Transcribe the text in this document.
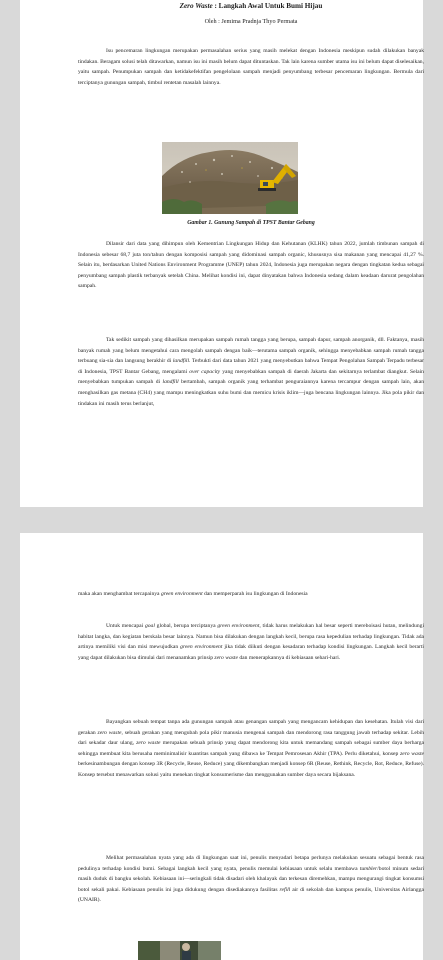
Zero Waste : Langkah Awal Untuk Bumi Hijau
Oleh : Jemima Pradnja Thyo Permata

Isu pencemaran lingkungan merupakan permasalahan serius yang masih melekat dengan Indonesia meskipun sudah dilakukan banyak tindakan. Beragam solusi telah ditawarkan, namun isu ini masih belum dapat dituntaskan. Tak lain karena sumber utama isu ini belum dapat diselesaikan, yaitu sampah. Penumpukan sampah dan ketidakefektifan pengelolaan sampah menjadi penyumbang terbesar pencemaran lingkungan. Bermula dari terciptanya gunungan sampah, timbul rentetan masalah lainnya.

Dilansir dari data yang dihimpun oleh Kementrian Lingkungan Hidup dan Kehutanan (KLHK) tahun 2022, jumlah timbunan sampah di Indonesia sebesar 68,7 juta ton/tahun dengan komposisi sampah yang didominasi sampah organic, khususnya sisa makanan yang mencapai 41,27 %. Selain itu, berdasarkan United Nations Environment Programme (UNEP) tahun 2024, Indonesia juga merupakan negara dengan tingkatan kedua sebagai penyumbang sampah plastik terbanyak setelah China. Melihat kondisi ini, dapat dinyatakan bahwa Indonesia sedang dalam keadaan darurat pengolahan sampah.

Tak sedikit sampah yang dihasilkan merupakan sampah rumah tangga yang berupa, sampah dapur, sampah anorganik, dll. Faktanya, masih banyak rumah yang belum mengetahui cara mengolah sampah dengan baik—terutama sampah organik, sehingga menyebabkan sampah rumah tangga terbuang sia-sia dan langsung berakhir di landfill. Terbukti dari data tahun 2021 yang menyebutkan bahwa Tempat Pengolahan Sampah Terpadu terbesar di Indonesia, TPST Bantar Gebang, mengalami over capacity yang menyebabkan sampah di daerah Jakarta dan sekitarnya terlambat diangkut. Selain menyebabkan tumpukan sampah di landfill bertambah, sampah organik yang terhambat penguraiannya karena tercampur dengan sampah lain, akan menghasilkan gas metana (CH4) yang mampu meningkatkan suhu bumi dan memicu krisis iklim—juga bencana lingkungan lainnya. Jika pola pikir dan tindakan ini masih terus berlanjut,

Gambar 1. Gunung Sampah di TPST Bantar Gebang

maka akan menghambat tercapainya green environment dan memperparah isu lingkungan di Indonesia

Untuk mencapai goal global, berupa terciptanya green environment, tidak harus melakukan hal besar seperti mereboisasi hutan, melindungi habitat langka, dan kegiatan berskala besar lainnya. Namun bisa dilakukan dengan langkah kecil, berupa rasa kepedulian terhadap lingkungan. Tidak ada artinya memiliki visi dan misi mewujudkan green environment jika tidak diikuti dengan kesadaran terhadap kondisi lingkungan. Langkah kecil berarti yang dapat dilakukan bisa dimulai dari menanamkan prinsip zero waste dan menerapkannya di kebiasaan sehari-hari.

Bayangkan sebuah tempat tanpa ada gunungan sampah atau genangan sampah yang mengancam kehidupan dan kesehatan. Itulah visi dari gerakan zero waste, sebuah gerakan yang mengubah pola pikir manusia mengenai sampah dan mendorong rasa tanggung jawab terhadap sekitar. Lebih dari sekadar daur ulang, zero waste merupakan sebuah prinsip yang dapat mendorong kita untuk memandang sampah sebagai sumber daya berharga sehingga membuat kita berusaha meminimalisir kuantitas sampah yang dibawa ke Tempat Pemrosesan Akhir (TPA). Perlu diketahui, konsep zero waste berkesinambungan dengan konsep 3R (Recycle, Reuse, Reduce) yang dikembangkan menjadi konsep 6R (Reuse, Rethink, Recycle, Rot, Reduce, Refuse). Konsep tersebut menawarkan solusi yaitu menekan tingkat konsumerisme dan menggunakan sumber daya secara bijaksana.

Melihat permasalahan nyata yang ada di lingkungan saat ini, penulis menyadari betapa perlunya melakukan sesuatu sebagai bentuk rasa pedulinya terhadap kondisi bumi. Sebagai langkah kecil yang nyata, penulis memulai kebiasaan untuk selalu membawa tumbler/botol minum sedari masih duduk di bangku sekolah. Kebiasaan ini—seringkali tidak disadari oleh khalayak dan terkesan diremehkan, mampu mengurangi tingkat konsumsi botol sekali pakai. Kebiasaan penulis ini juga didukung dengan disediakannya fasilitas refill air di sekolah dan kampus penulis, Universitas Airlangga (UNAIR).
